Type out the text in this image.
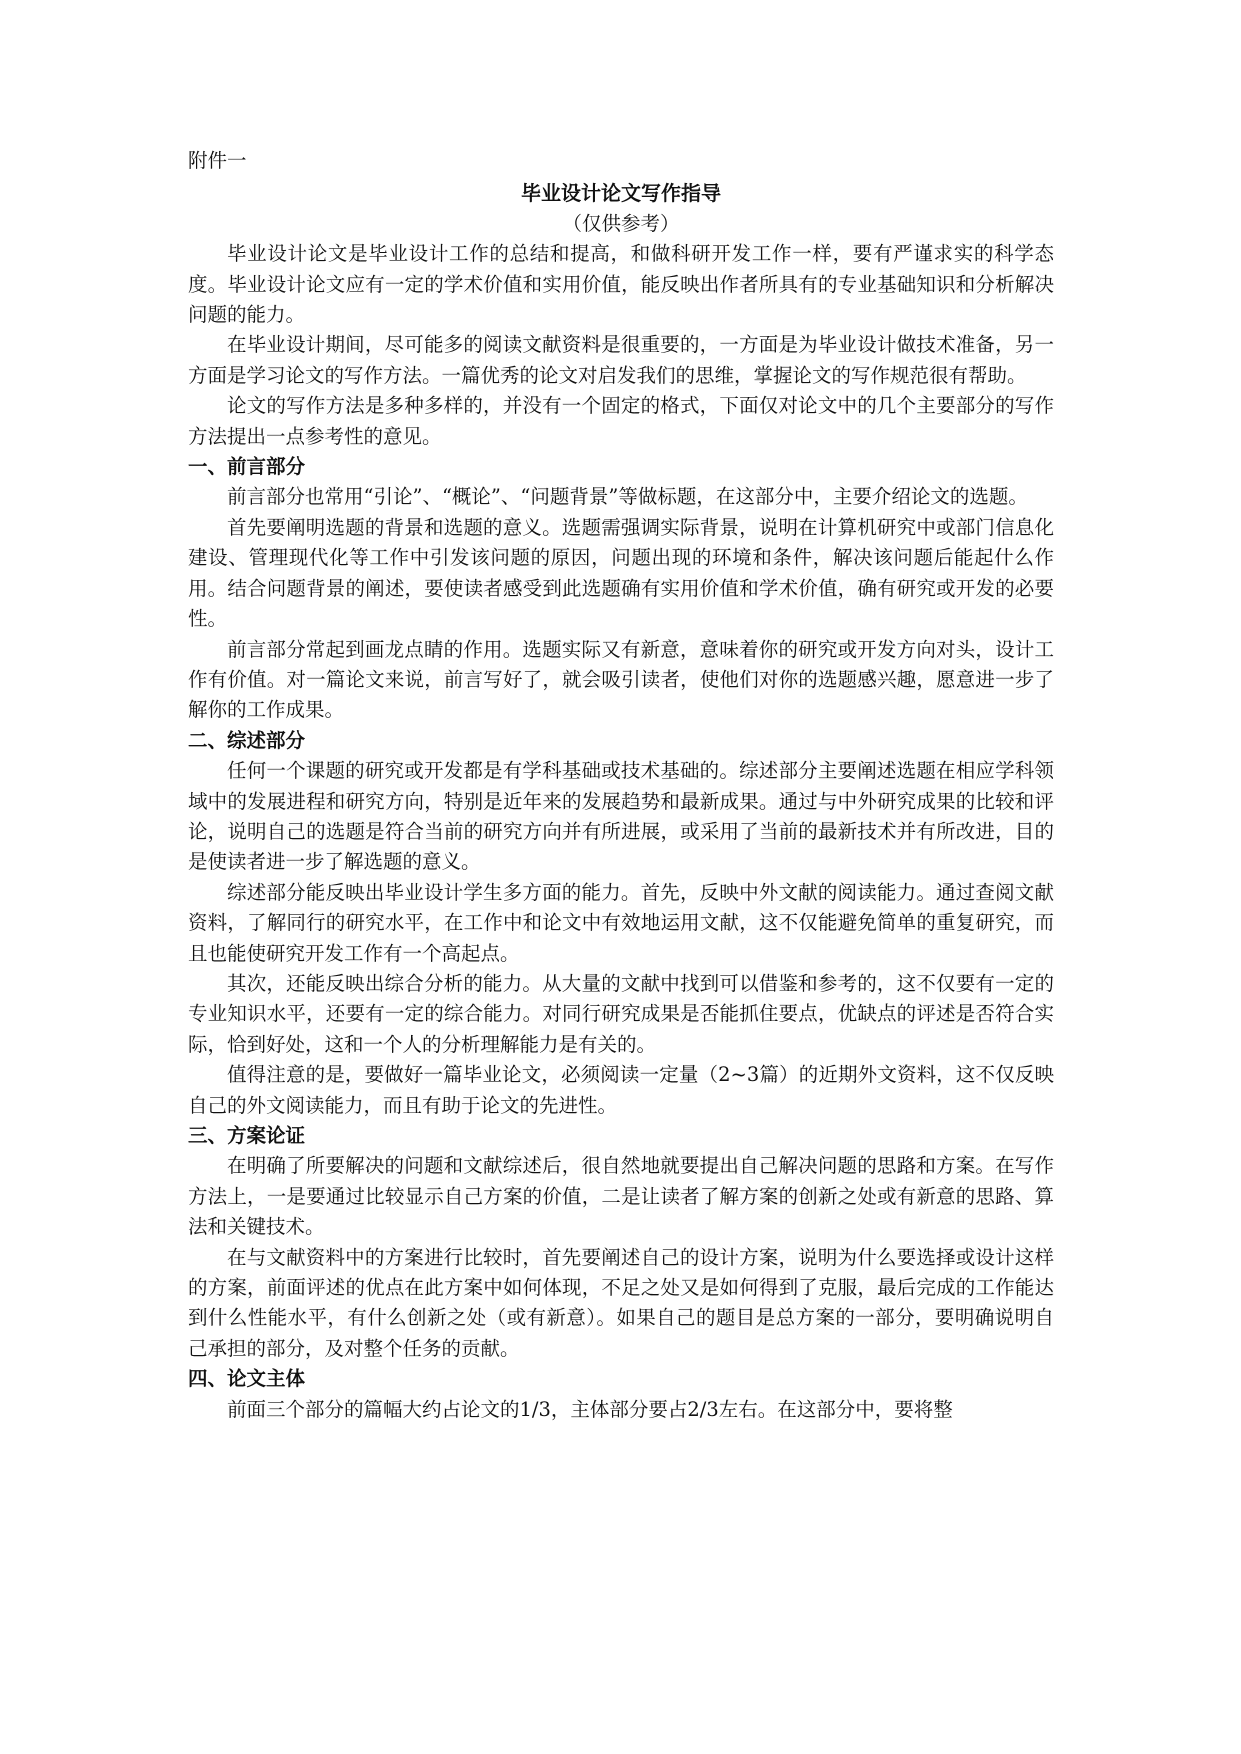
附件一

毕业设计论文写作指导

（仅供参考）

毕业设计论文是毕业设计工作的总结和提高，和做科研开发工作一样，要有严谨求实的科学态度。毕业设计论文应有一定的学术价值和实用价值，能反映出作者所具有的专业基础知识和分析解决问题的能力。

在毕业设计期间，尽可能多的阅读文献资料是很重要的，一方面是为毕业设计做技术准备，另一方面是学习论文的写作方法。一篇优秀的论文对启发我们的思维，掌握论文的写作规范很有帮助。

论文的写作方法是多种多样的，并没有一个固定的格式，下面仅对论文中的几个主要部分的写作方法提出一点参考性的意见。

一、前言部分

前言部分也常用“引论”、“概论”、“问题背景”等做标题，在这部分中，主要介绍论文的选题。

首先要阐明选题的背景和选题的意义。选题需强调实际背景，说明在计算机研究中或部门信息化建设、管理现代化等工作中引发该问题的原因，问题出现的环境和条件，解决该问题后能起什么作用。结合问题背景的阐述，要使读者感受到此选题确有实用价值和学术价值，确有研究或开发的必要性。

前言部分常起到画龙点睛的作用。选题实际又有新意，意味着你的研究或开发方向对头，设计工作有价值。对一篇论文来说，前言写好了，就会吸引读者，使他们对你的选题感兴趣，愿意进一步了解你的工作成果。

二、综述部分

任何一个课题的研究或开发都是有学科基础或技术基础的。综述部分主要阐述选题在相应学科领域中的发展进程和研究方向，特别是近年来的发展趋势和最新成果。通过与中外研究成果的比较和评论，说明自己的选题是符合当前的研究方向并有所进展，或采用了当前的最新技术并有所改进，目的是使读者进一步了解选题的意义。

综述部分能反映出毕业设计学生多方面的能力。首先，反映中外文献的阅读能力。通过查阅文献资料，了解同行的研究水平，在工作中和论文中有效地运用文献，这不仅能避免简单的重复研究，而且也能使研究开发工作有一个高起点。

其次，还能反映出综合分析的能力。从大量的文献中找到可以借鉴和参考的，这不仅要有一定的专业知识水平，还要有一定的综合能力。对同行研究成果是否能抓住要点，优缺点的评述是否符合实际，恰到好处，这和一个人的分析理解能力是有关的。

值得注意的是，要做好一篇毕业论文，必须阅读一定量（2~3篇）的近期外文资料，这不仅反映自己的外文阅读能力，而且有助于论文的先进性。

三、方案论证

在明确了所要解决的问题和文献综述后，很自然地就要提出自己解决问题的思路和方案。在写作方法上，一是要通过比较显示自己方案的价值，二是让读者了解方案的创新之处或有新意的思路、算法和关键技术。

在与文献资料中的方案进行比较时，首先要阐述自己的设计方案，说明为什么要选择或设计这样的方案，前面评述的优点在此方案中如何体现，不足之处又是如何得到了克服，最后完成的工作能达到什么性能水平，有什么创新之处（或有新意）。如果自己的题目是总方案的一部分，要明确说明自己承担的部分，及对整个任务的贡献。

四、论文主体

前面三个部分的篇幅大约占论文的1/3，主体部分要占2/3左右。在这部分中，要将整
